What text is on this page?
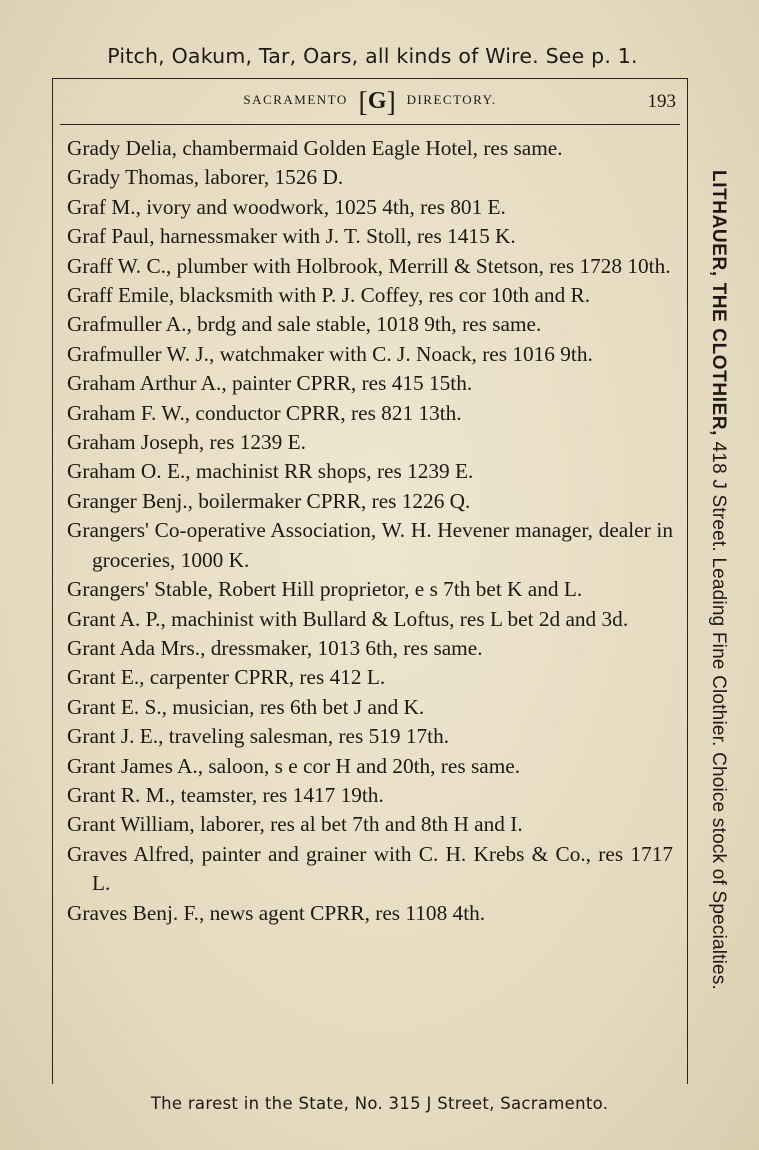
Pitch, Oakum, Tar, Oars, all kinds of Wire. See p. 1.
SACRAMENTO [G] DIRECTORY.	193
Grady Delia, chambermaid Golden Eagle Hotel, res same.
Grady Thomas, laborer, 1526 D.
Graf M., ivory and woodwork, 1025 4th, res 801 E.
Graf Paul, harnessmaker with J. T. Stoll, res 1415 K.
Graff W. C., plumber with Holbrook, Merrill & Stetson, res 1728 10th.
Graff Emile, blacksmith with P. J. Coffey, res cor 10th and R.
Grafmuller A., brdg and sale stable, 1018 9th, res same.
Grafmuller W. J., watchmaker with C. J. Noack, res 1016 9th.
Graham Arthur A., painter CPRR, res 415 15th.
Graham F. W., conductor CPRR, res 821 13th.
Graham Joseph, res 1239 E.
Graham O. E., machinist RR shops, res 1239 E.
Granger Benj., boilermaker CPRR, res 1226 Q.
Grangers' Co-operative Association, W. H. Hevener manager, dealer in groceries, 1000 K.
Grangers' Stable, Robert Hill proprietor, e s 7th bet K and L.
Grant A. P., machinist with Bullard & Loftus, res L bet 2d and 3d.
Grant Ada Mrs., dressmaker, 1013 6th, res same.
Grant E., carpenter CPRR, res 412 L.
Grant E. S., musician, res 6th bet J and K.
Grant J. E., traveling salesman, res 519 17th.
Grant James A., saloon, s e cor H and 20th, res same.
Grant R. M., teamster, res 1417 19th.
Grant William, laborer, res al bet 7th and 8th H and I.
Graves Alfred, painter and grainer with C. H. Krebs & Co., res 1717 L.
Graves Benj. F., news agent CPRR, res 1108 4th.
LITHAUER, THE CLOTHIER, 418 J Street. Leading Fine Clothier. Choice stock of Specialties.
The rarest in the State, No. 315 J Street, Sacramento.
